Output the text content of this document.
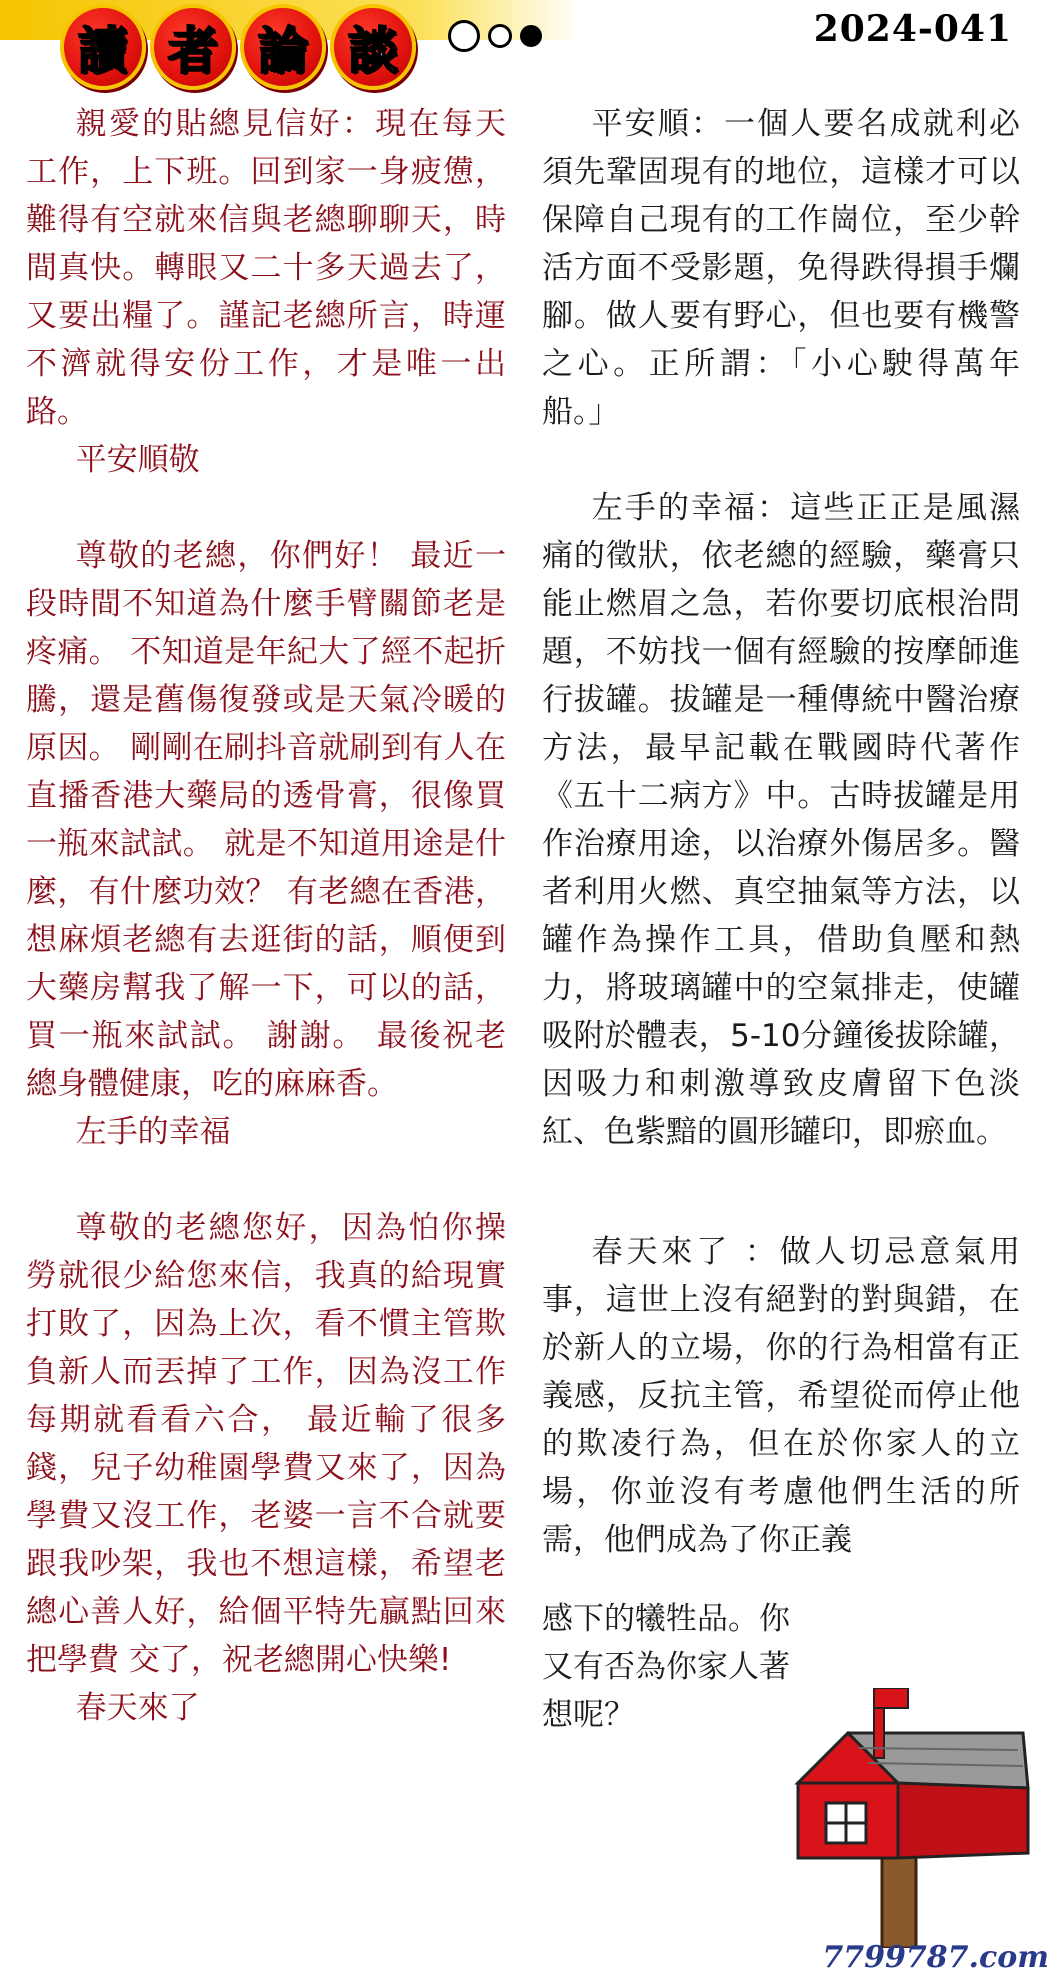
讀 者 論 談	2024-041

親愛的貼總見信好：現在每天工作，上下班。回到家一身疲憊，難得有空就來信與老總聊聊天，時間真快。轉眼又二十多天過去了，又要出糧了。謹記老總所言，時運不濟就得安份工作，才是唯一出路。

平安順敬

尊敬的老總，你們好！ 最近一段時間不知道為什麼手臂關節老是疼痛。 不知道是年紀大了經不起折騰，還是舊傷復發或是天氣冷暖的原因。 剛剛在刷抖音就刷到有人在直播香港大藥局的透骨膏，很像買一瓶來試試。 就是不知道用途是什麼，有什麼功效？ 有老總在香港，想麻煩老總有去逛街的話，順便到大藥房幫我了解一下，可以的話，買一瓶來試試。 謝謝。 最後祝老總身體健康，吃的麻麻香。

左手的幸福

尊敬的老總您好，因為怕你操勞就很少給您來信，我真的給現實打敗了，因為上次，看不慣主管欺負新人而丟掉了工作，因為沒工作每期就看看六合， 最近輸了很多錢，兒子幼稚園學費又來了，因為學費又沒工作，老婆一言不合就要跟我吵架，我也不想這樣，希望老總心善人好，給個平特先贏點回來把學費 交了，祝老總開心快樂!

春天來了

平安順：一個人要名成就利必須先鞏固現有的地位，這樣才可以保障自己現有的工作崗位，至少幹活方面不受影題，免得跌得損手爛腳。做人要有野心，但也要有機警之心。正所謂：「小心駛得萬年船。」

左手的幸福：這些正正是風濕痛的徵狀，依老總的經驗，藥膏只能止燃眉之急，若你要切底根治問題，不妨找一個有經驗的按摩師進行拔罐。拔罐是一種傳統中醫治療方法，最早記載在戰國時代著作《五十二病方》中。古時拔罐是用作治療用途，以治療外傷居多。醫者利用火燃、真空抽氣等方法，以罐作為操作工具，借助負壓和熱力，將玻璃罐中的空氣排走，使罐吸附於體表，5-10分鐘後拔除罐，因吸力和刺激導致皮膚留下色淡紅、色紫黯的圓形罐印，即瘀血。

春天來了 ：做人切忌意氣用事，這世上沒有絕對的對與錯，在於新人的立場，你的行為相當有正義感，反抗主管，希望從而停止他的欺凌行為，但在於你家人的立場，你並沒有考慮他們生活的所需，他們成為了你正義

感下的犧牲品。你又有否為你家人著想呢？

7799787.com
